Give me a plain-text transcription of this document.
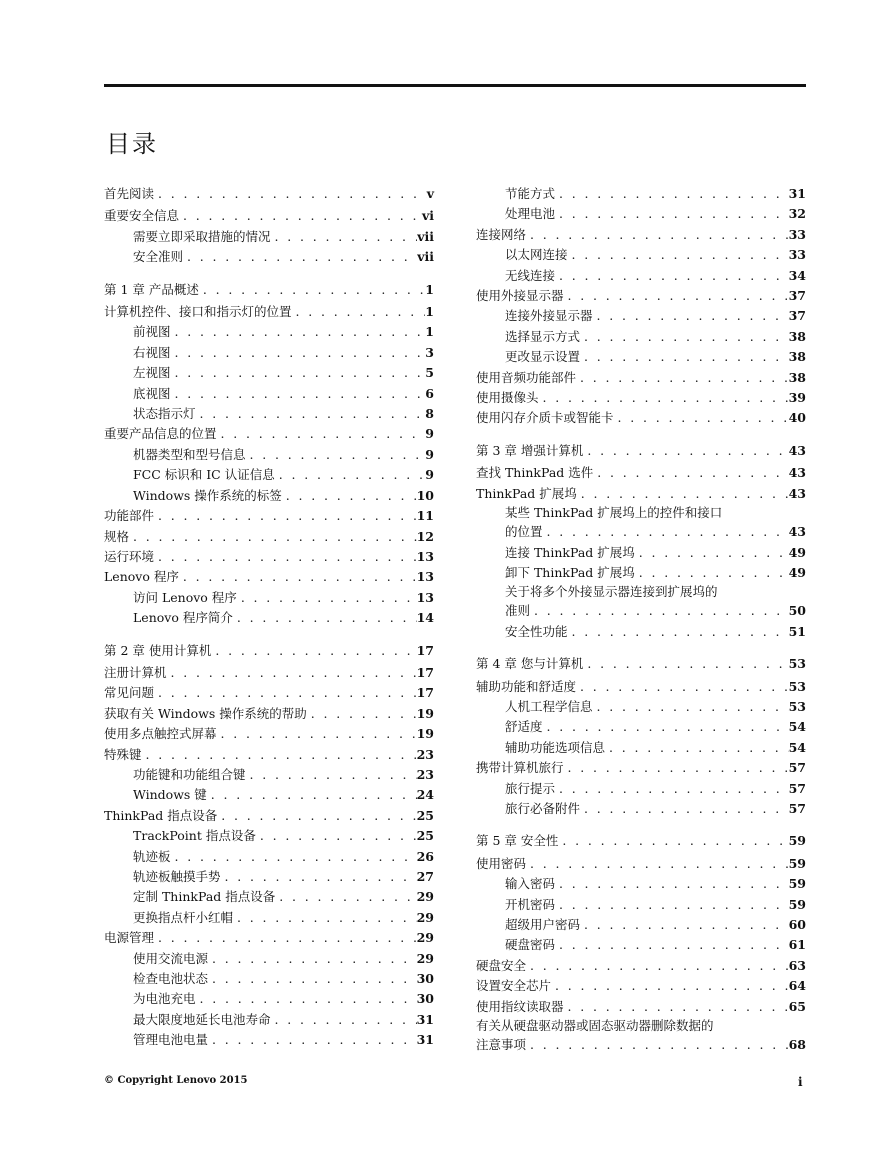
目录
首先阅读 . . .	v
重要安全信息 . . .	vi
需要立即采取措施的情况 . . .	vii
安全准则 . . .	vii
第 1 章 产品概述 . . .	1
计算机控件、接口和指示灯的位置 . . .	1
前视图 . . .	1
右视图 . . .	3
左视图 . . .	5
底视图 . . .	6
状态指示灯 . . .	8
重要产品信息的位置 . . .	9
机器类型和型号信息 . . .	9
FCC 标识和 IC 认证信息 . . .	9
Windows 操作系统的标签 . . .	10
功能部件 . . .	11
规格 . . .	12
运行环境 . . .	13
Lenovo 程序 . . .	13
访问 Lenovo 程序 . . .	13
Lenovo 程序简介 . . .	14
第 2 章 使用计算机 . . .	17
注册计算机 . . .	17
常见问题 . . .	17
获取有关 Windows 操作系统的帮助 . . .	19
使用多点触控式屏幕 . . .	19
特殊键 . . .	23
功能键和功能组合键 . . .	23
Windows 键 . . .	24
ThinkPad 指点设备 . . .	25
TrackPoint 指点设备 . . .	25
轨迹板 . . .	26
轨迹板触摸手势 . . .	27
定制 ThinkPad 指点设备 . . .	29
更换指点杆小红帽 . . .	29
电源管理 . . .	29
使用交流电源 . . .	29
检查电池状态 . . .	30
为电池充电 . . .	30
最大限度地延长电池寿命 . . .	31
管理电池电量 . . .	31
节能方式 . . .	31
处理电池 . . .	32
连接网络 . . .	33
以太网连接 . . .	33
无线连接 . . .	34
使用外接显示器 . . .	37
连接外接显示器 . . .	37
选择显示方式 . . .	38
更改显示设置 . . .	38
使用音频功能部件 . . .	38
使用摄像头 . . .	39
使用闪存介质卡或智能卡 . . .	40
第 3 章 增强计算机 . . .	43
查找 ThinkPad 选件 . . .	43
ThinkPad 扩展坞 . . .	43
某些 ThinkPad 扩展坞上的控件和接口
的位置 . . .	43
连接 ThinkPad 扩展坞 . . .	49
卸下 ThinkPad 扩展坞 . . .	49
关于将多个外接显示器连接到扩展坞的
准则 . . .	50
安全性功能 . . .	51
第 4 章 您与计算机 . . .	53
辅助功能和舒适度 . . .	53
人机工程学信息 . . .	53
舒适度 . . .	54
辅助功能选项信息 . . .	54
携带计算机旅行 . . .	57
旅行提示 . . .	57
旅行必备附件 . . .	57
第 5 章 安全性 . . .	59
使用密码 . . .	59
输入密码 . . .	59
开机密码 . . .	59
超级用户密码 . . .	60
硬盘密码 . . .	61
硬盘安全 . . .	63
设置安全芯片 . . .	64
使用指纹读取器 . . .	65
有关从硬盘驱动器或固态驱动器删除数据的
注意事项 . . .	68
© Copyright Lenovo 2015	i
